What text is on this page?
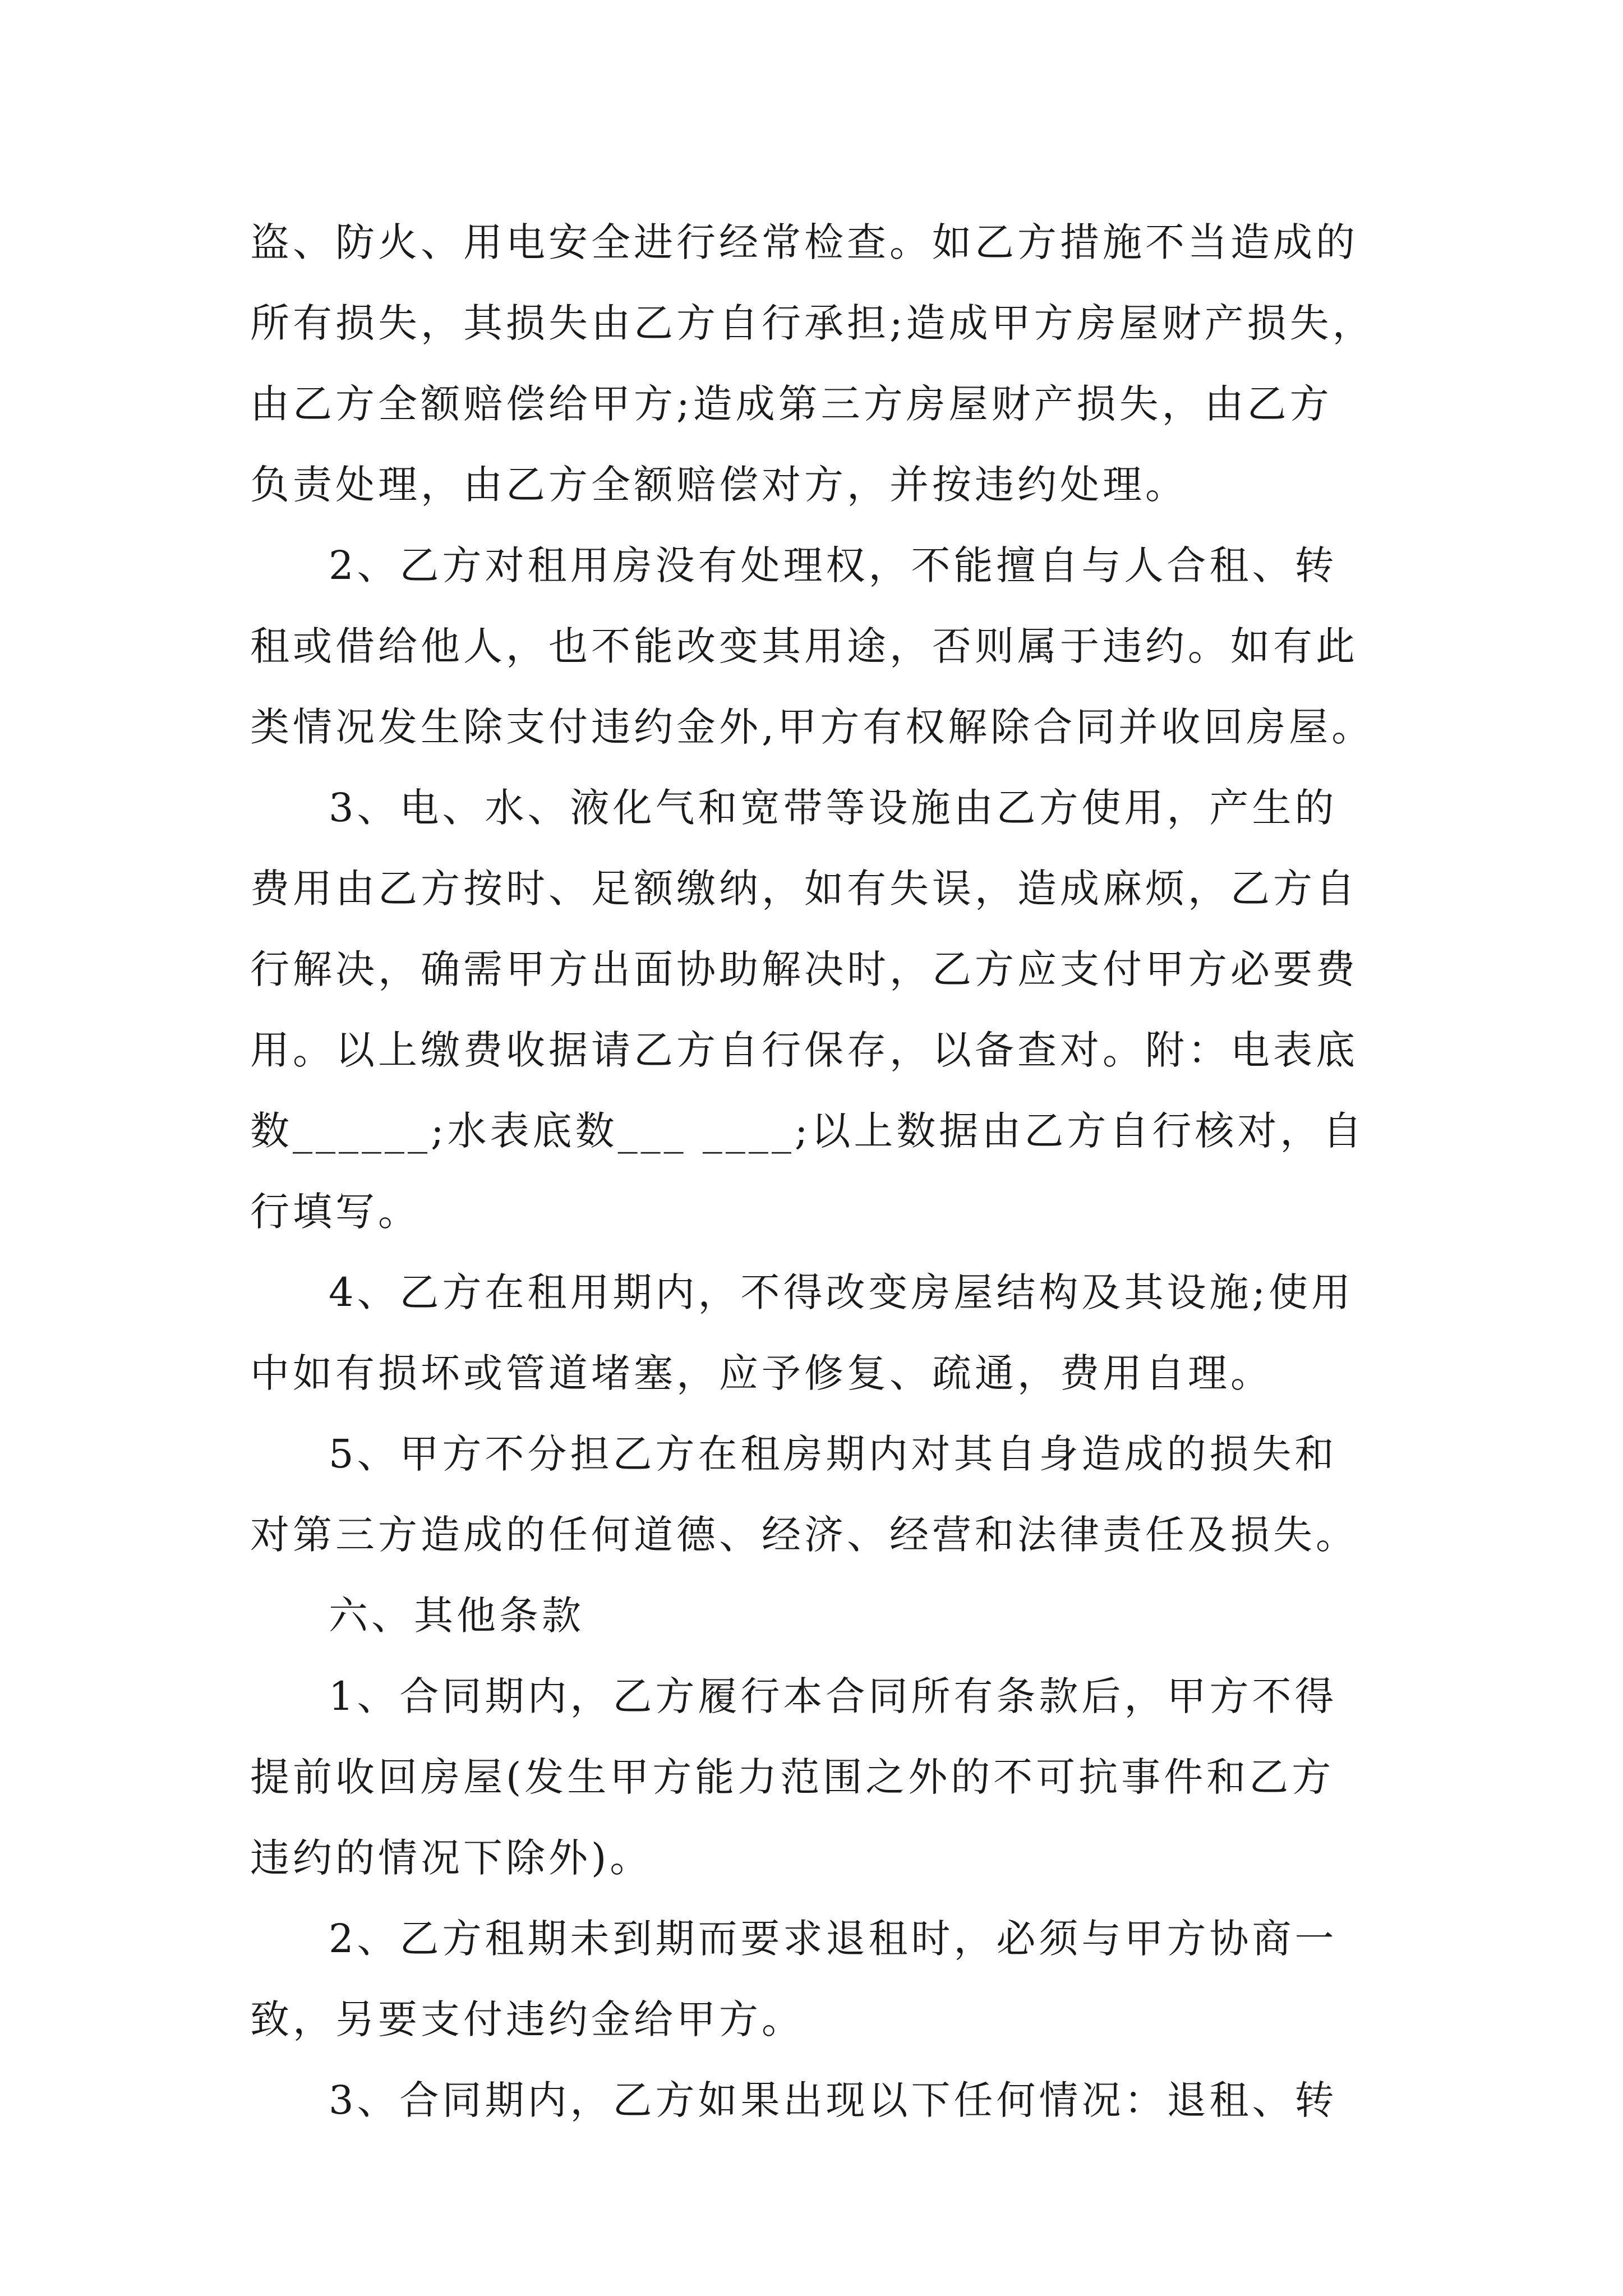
盗、防火、用电安全进行经常检查。如乙方措施不当造成的
所有损失，其损失由乙方自行承担;造成甲方房屋财产损失，
由乙方全额赔偿给甲方;造成第三方房屋财产损失，由乙方
负责处理，由乙方全额赔偿对方，并按违约处理。
2、乙方对租用房没有处理权，不能擅自与人合租、转
租或借给他人，也不能改变其用途，否则属于违约。如有此
类情况发生除支付违约金外,甲方有权解除合同并收回房屋。
3、电、水、液化气和宽带等设施由乙方使用，产生的
费用由乙方按时、足额缴纳，如有失误，造成麻烦，乙方自
行解决，确需甲方出面协助解决时，乙方应支付甲方必要费
用。以上缴费收据请乙方自行保存，以备查对。附：电表底
数______;水表底数___ ____;以上数据由乙方自行核对，自
行填写。
4、乙方在租用期内，不得改变房屋结构及其设施;使用
中如有损坏或管道堵塞，应予修复、疏通，费用自理。
5、甲方不分担乙方在租房期内对其自身造成的损失和
对第三方造成的任何道德、经济、经营和法律责任及损失。
六、其他条款
1、合同期内，乙方履行本合同所有条款后，甲方不得
提前收回房屋(发生甲方能力范围之外的不可抗事件和乙方
违约的情况下除外)。
2、乙方租期未到期而要求退租时，必须与甲方协商一
致，另要支付违约金给甲方。
3、合同期内，乙方如果出现以下任何情况：退租、转
